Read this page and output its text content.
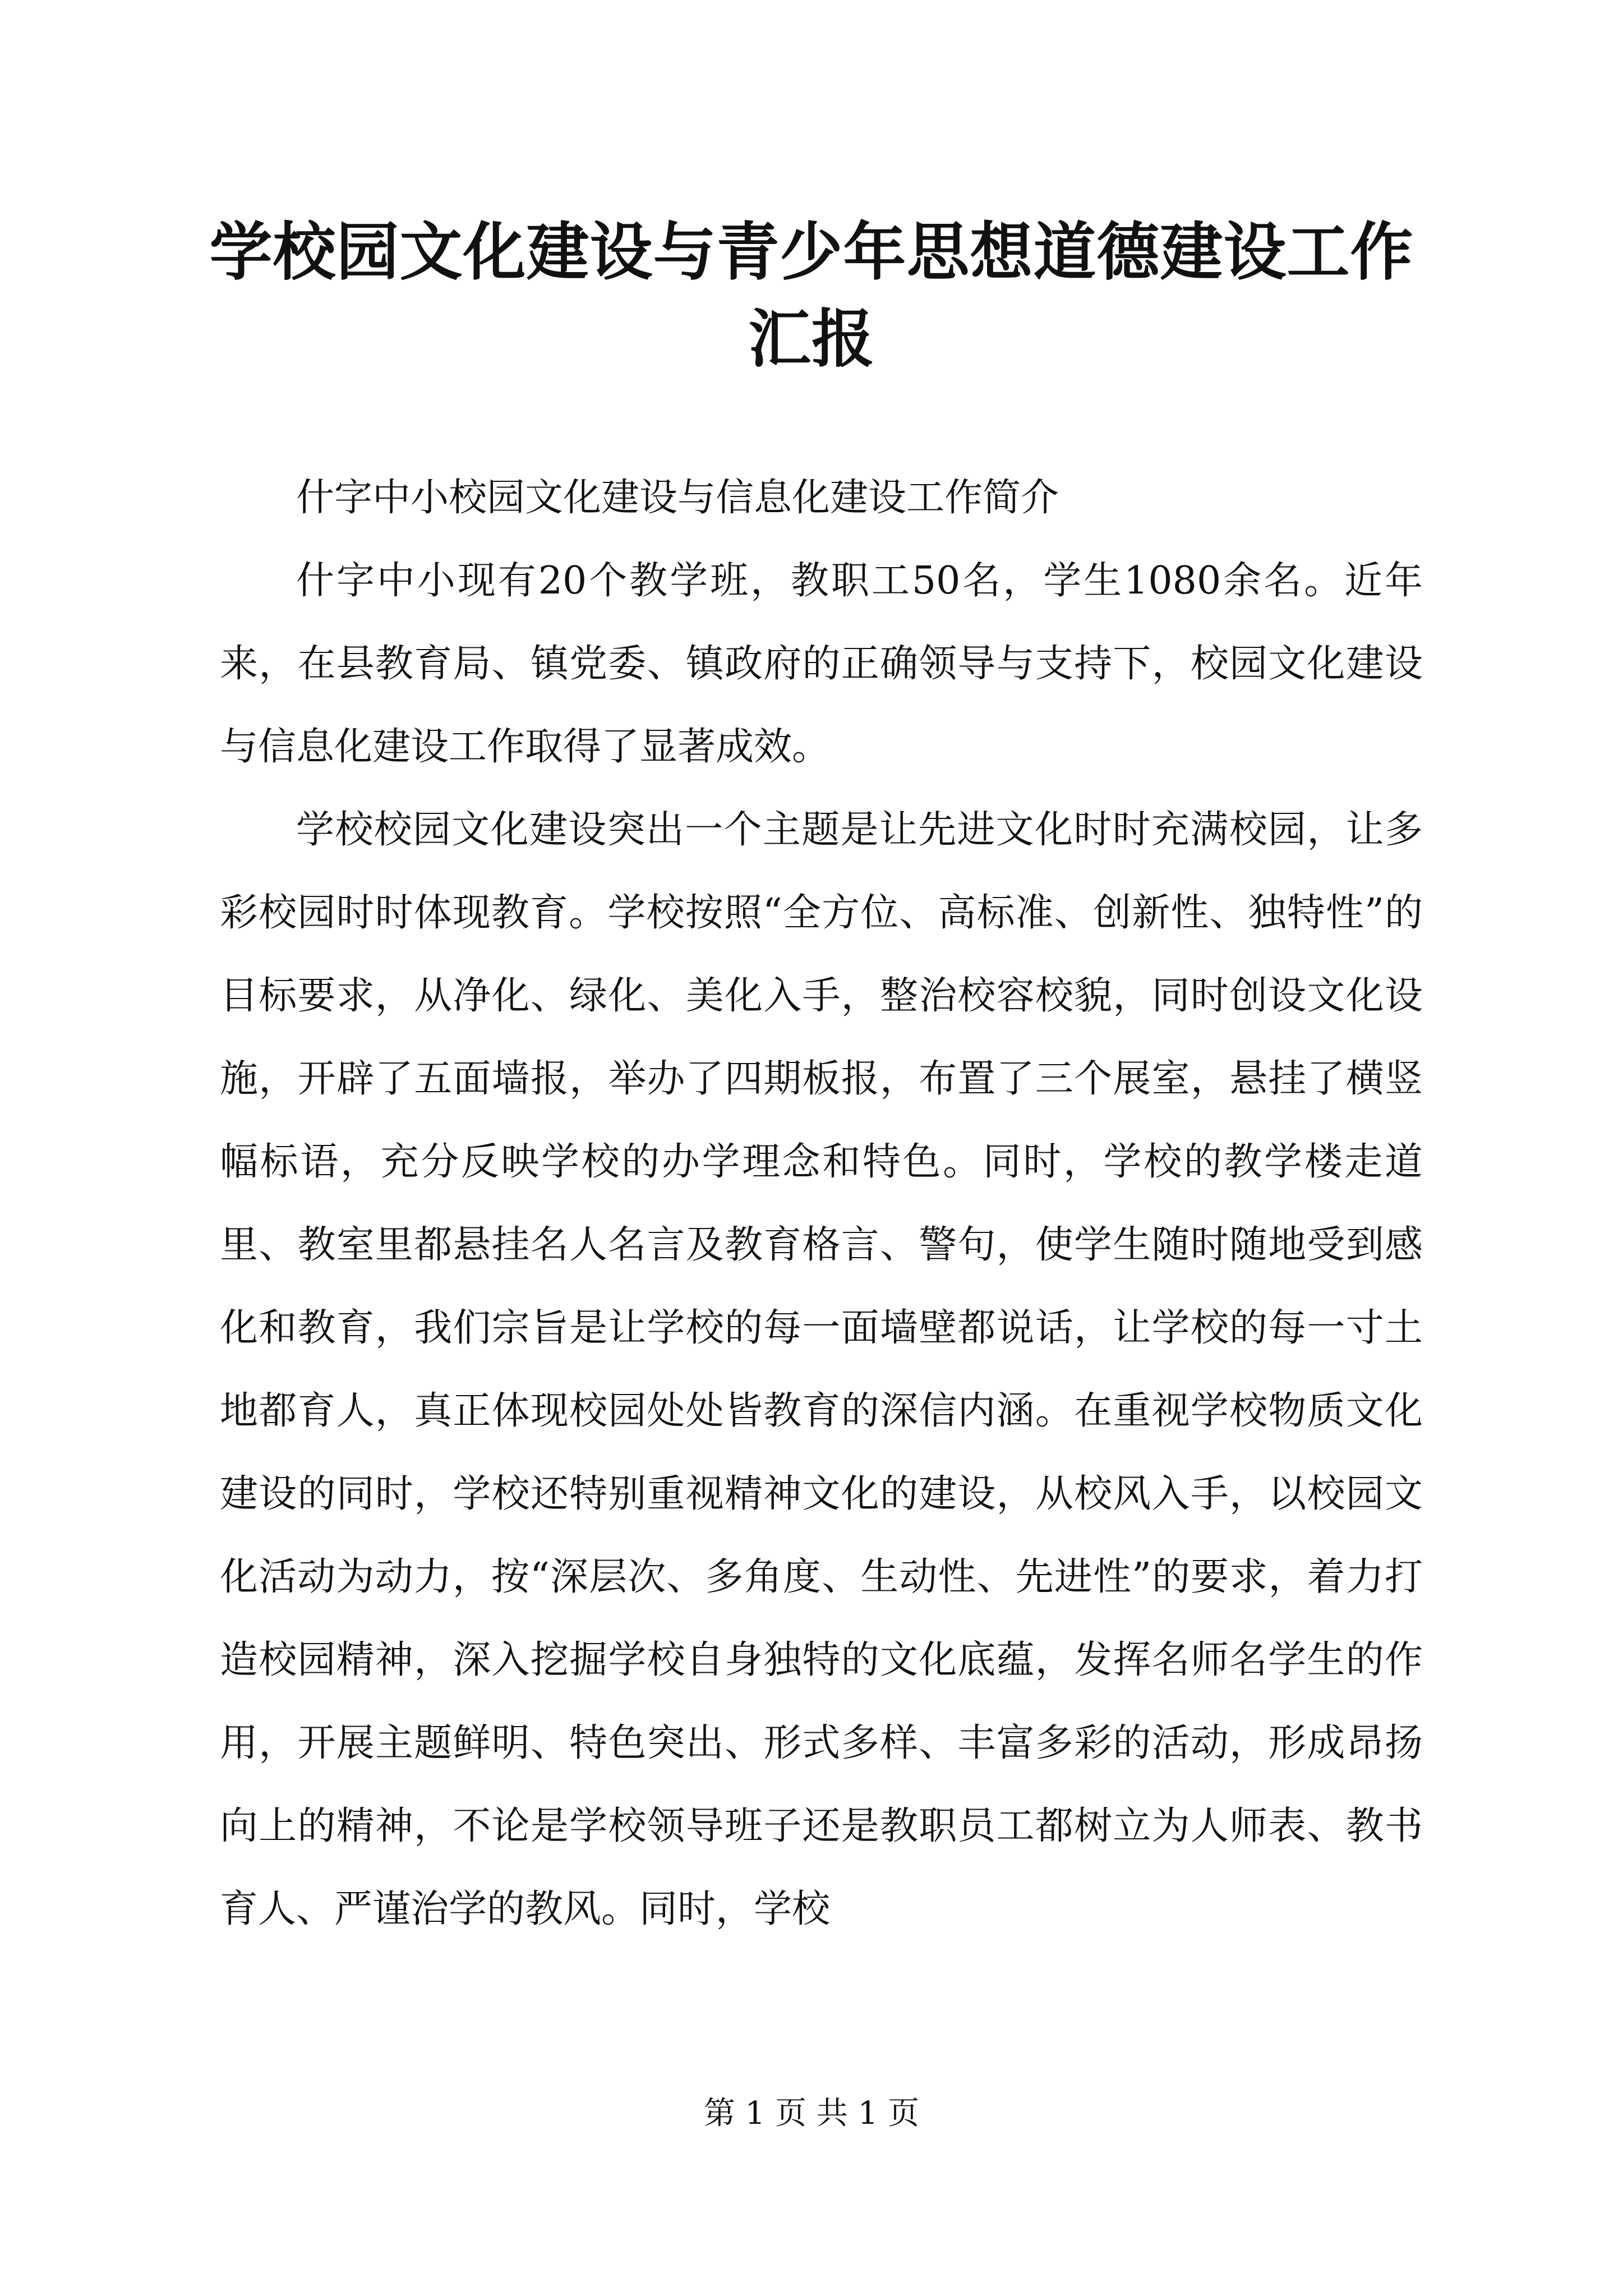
学校园文化建设与青少年思想道德建设工作汇报

什字中小校园文化建设与信息化建设工作简介

什字中小现有20个教学班，教职工50名，学生1080余名。近年来，在县教育局、镇党委、镇政府的正确领导与支持下，校园文化建设与信息化建设工作取得了显著成效。

学校校园文化建设突出一个主题是让先进文化时时充满校园，让多彩校园时时体现教育。学校按照“全方位、高标准、创新性、独特性”的目标要求，从净化、绿化、美化入手，整治校容校貌，同时创设文化设施，开辟了五面墙报，举办了四期板报，布置了三个展室，悬挂了横竖幅标语，充分反映学校的办学理念和特色。同时，学校的教学楼走道里、教室里都悬挂名人名言及教育格言、警句，使学生随时随地受到感化和教育，我们宗旨是让学校的每一面墙壁都说话，让学校的每一寸土地都育人，真正体现校园处处皆教育的深信内涵。在重视学校物质文化建设的同时，学校还特别重视精神文化的建设，从校风入手，以校园文化活动为动力，按“深层次、多角度、生动性、先进性”的要求，着力打造校园精神，深入挖掘学校自身独特的文化底蕴，发挥名师名学生的作用，开展主题鲜明、特色突出、形式多样、丰富多彩的活动，形成昂扬向上的精神，不论是学校领导班子还是教职员工都树立为人师表、教书育人、严谨治学的教风。同时，学校

第 1 页 共 1 页
